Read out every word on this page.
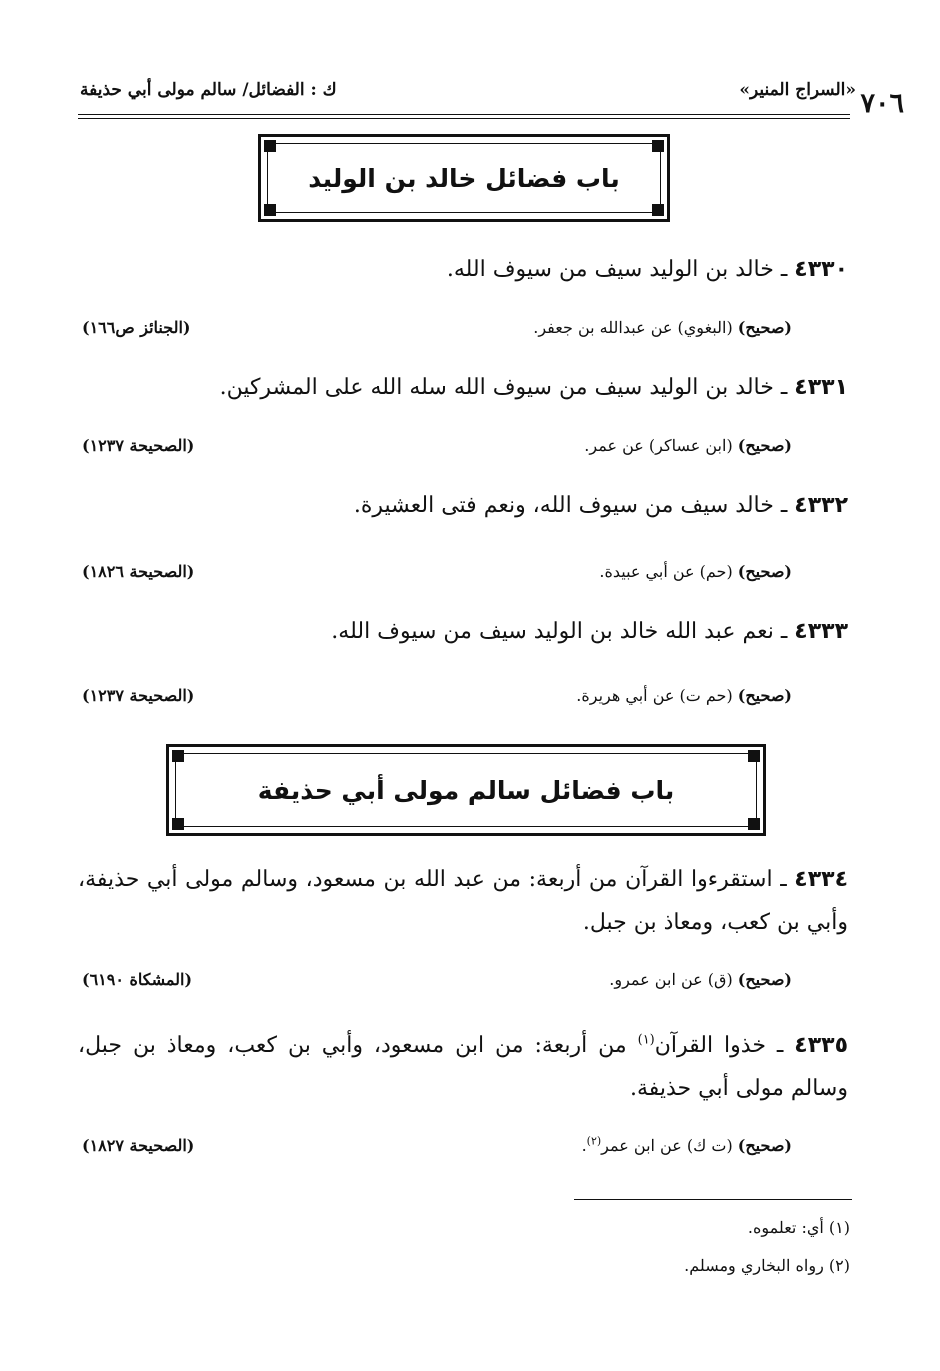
٧٠٦
«السراج المنير»
ك : الفضائل/ سالم مولى أبي حذيفة
باب فضائل خالد بن الوليد
٤٣٣٠ ـ خالد بن الوليد سيف من سيوف الله.
(صحيح) (البغوي) عن عبدالله بن جعفر.
(الجنائز ص١٦٦)
٤٣٣١ ـ خالد بن الوليد سيف من سيوف الله سله الله على المشركين.
(صحيح) (ابن عساكر) عن عمر.
(الصحيحة ١٢٣٧)
٤٣٣٢ ـ خالد سيف من سيوف الله، ونعم فتى العشيرة.
(صحيح) (حم) عن أبي عبيدة.
(الصحيحة ١٨٢٦)
٤٣٣٣ ـ نعم عبد الله خالد بن الوليد سيف من سيوف الله.
(صحيح) (حم ت) عن أبي هريرة.
(الصحيحة ١٢٣٧)
باب فضائل سالم مولى أبي حذيفة
٤٣٣٤ ـ استقرءوا القرآن من أربعة: من عبد الله بن مسعود، وسالم مولى أبي حذيفة، وأبي بن كعب، ومعاذ بن جبل.
(صحيح) (ق) عن ابن عمرو.
(المشكاة ٦١٩٠)
٤٣٣٥ ـ خذوا القرآن$^{(١)}$ من أربعة: من ابن مسعود، وأبي بن كعب، ومعاذ بن جبل، وسالم مولى أبي حذيفة.
(صحيح) (ت ك) عن ابن عمر$^{(٢)}$.
(الصحيحة ١٨٢٧)
(١) أي: تعلموه.
(٢) رواه البخاري ومسلم.
